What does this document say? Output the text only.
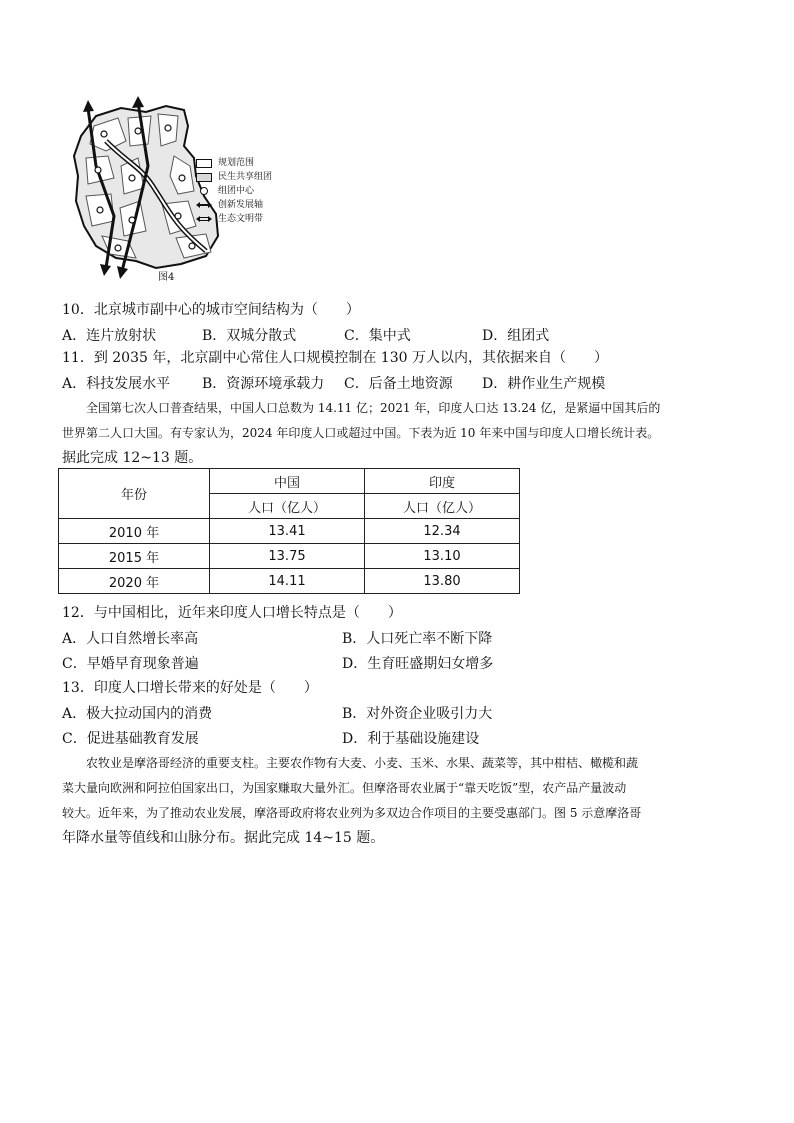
规划范围
民生共享组团
组团中心
创新发展轴
生态文明带
图4
10．北京城市副中心的城市空间结构为（　　）
A．连片放射状	B．双城分散式	C．集中式	D．组团式
11．到 2035 年，北京副中心常住人口规模控制在 130 万人以内，其依据来自（　　）
A．科技发展水平 B．资源环境承载力 C．后备土地资源 D．耕作业生产规模
全国第七次人口普查结果，中国人口总数为 14.11 亿；2021 年，印度人口达 13.24 亿，是紧逼中国其后的
世界第二人口大国。有专家认为，2024 年印度人口或超过中国。下表为近 10 年来中国与印度人口增长统计表。
据此完成 12~13 题。
年份	中国	印度
	人口（亿人）	人口（亿人）
2010 年	13.41	12.34
2015 年	13.75	13.10
2020 年	14.11	13.80
12．与中国相比，近年来印度人口增长特点是（　　）
A．人口自然增长率高	B．人口死亡率不断下降
C．早婚早育现象普遍	D．生育旺盛期妇女增多
13．印度人口增长带来的好处是（　　）
A．极大拉动国内的消费	B．对外资企业吸引力大
C．促进基础教育发展	D．利于基础设施建设
农牧业是摩洛哥经济的重要支柱。主要农作物有大麦、小麦、玉米、水果、蔬菜等，其中柑桔、橄榄和蔬
菜大量向欧洲和阿拉伯国家出口，为国家赚取大量外汇。但摩洛哥农业属于“靠天吃饭”型，农产品产量波动
较大。近年来，为了推动农业发展，摩洛哥政府将农业列为多双边合作项目的主要受惠部门。图 5 示意摩洛哥
年降水量等值线和山脉分布。据此完成 14~15 题。
